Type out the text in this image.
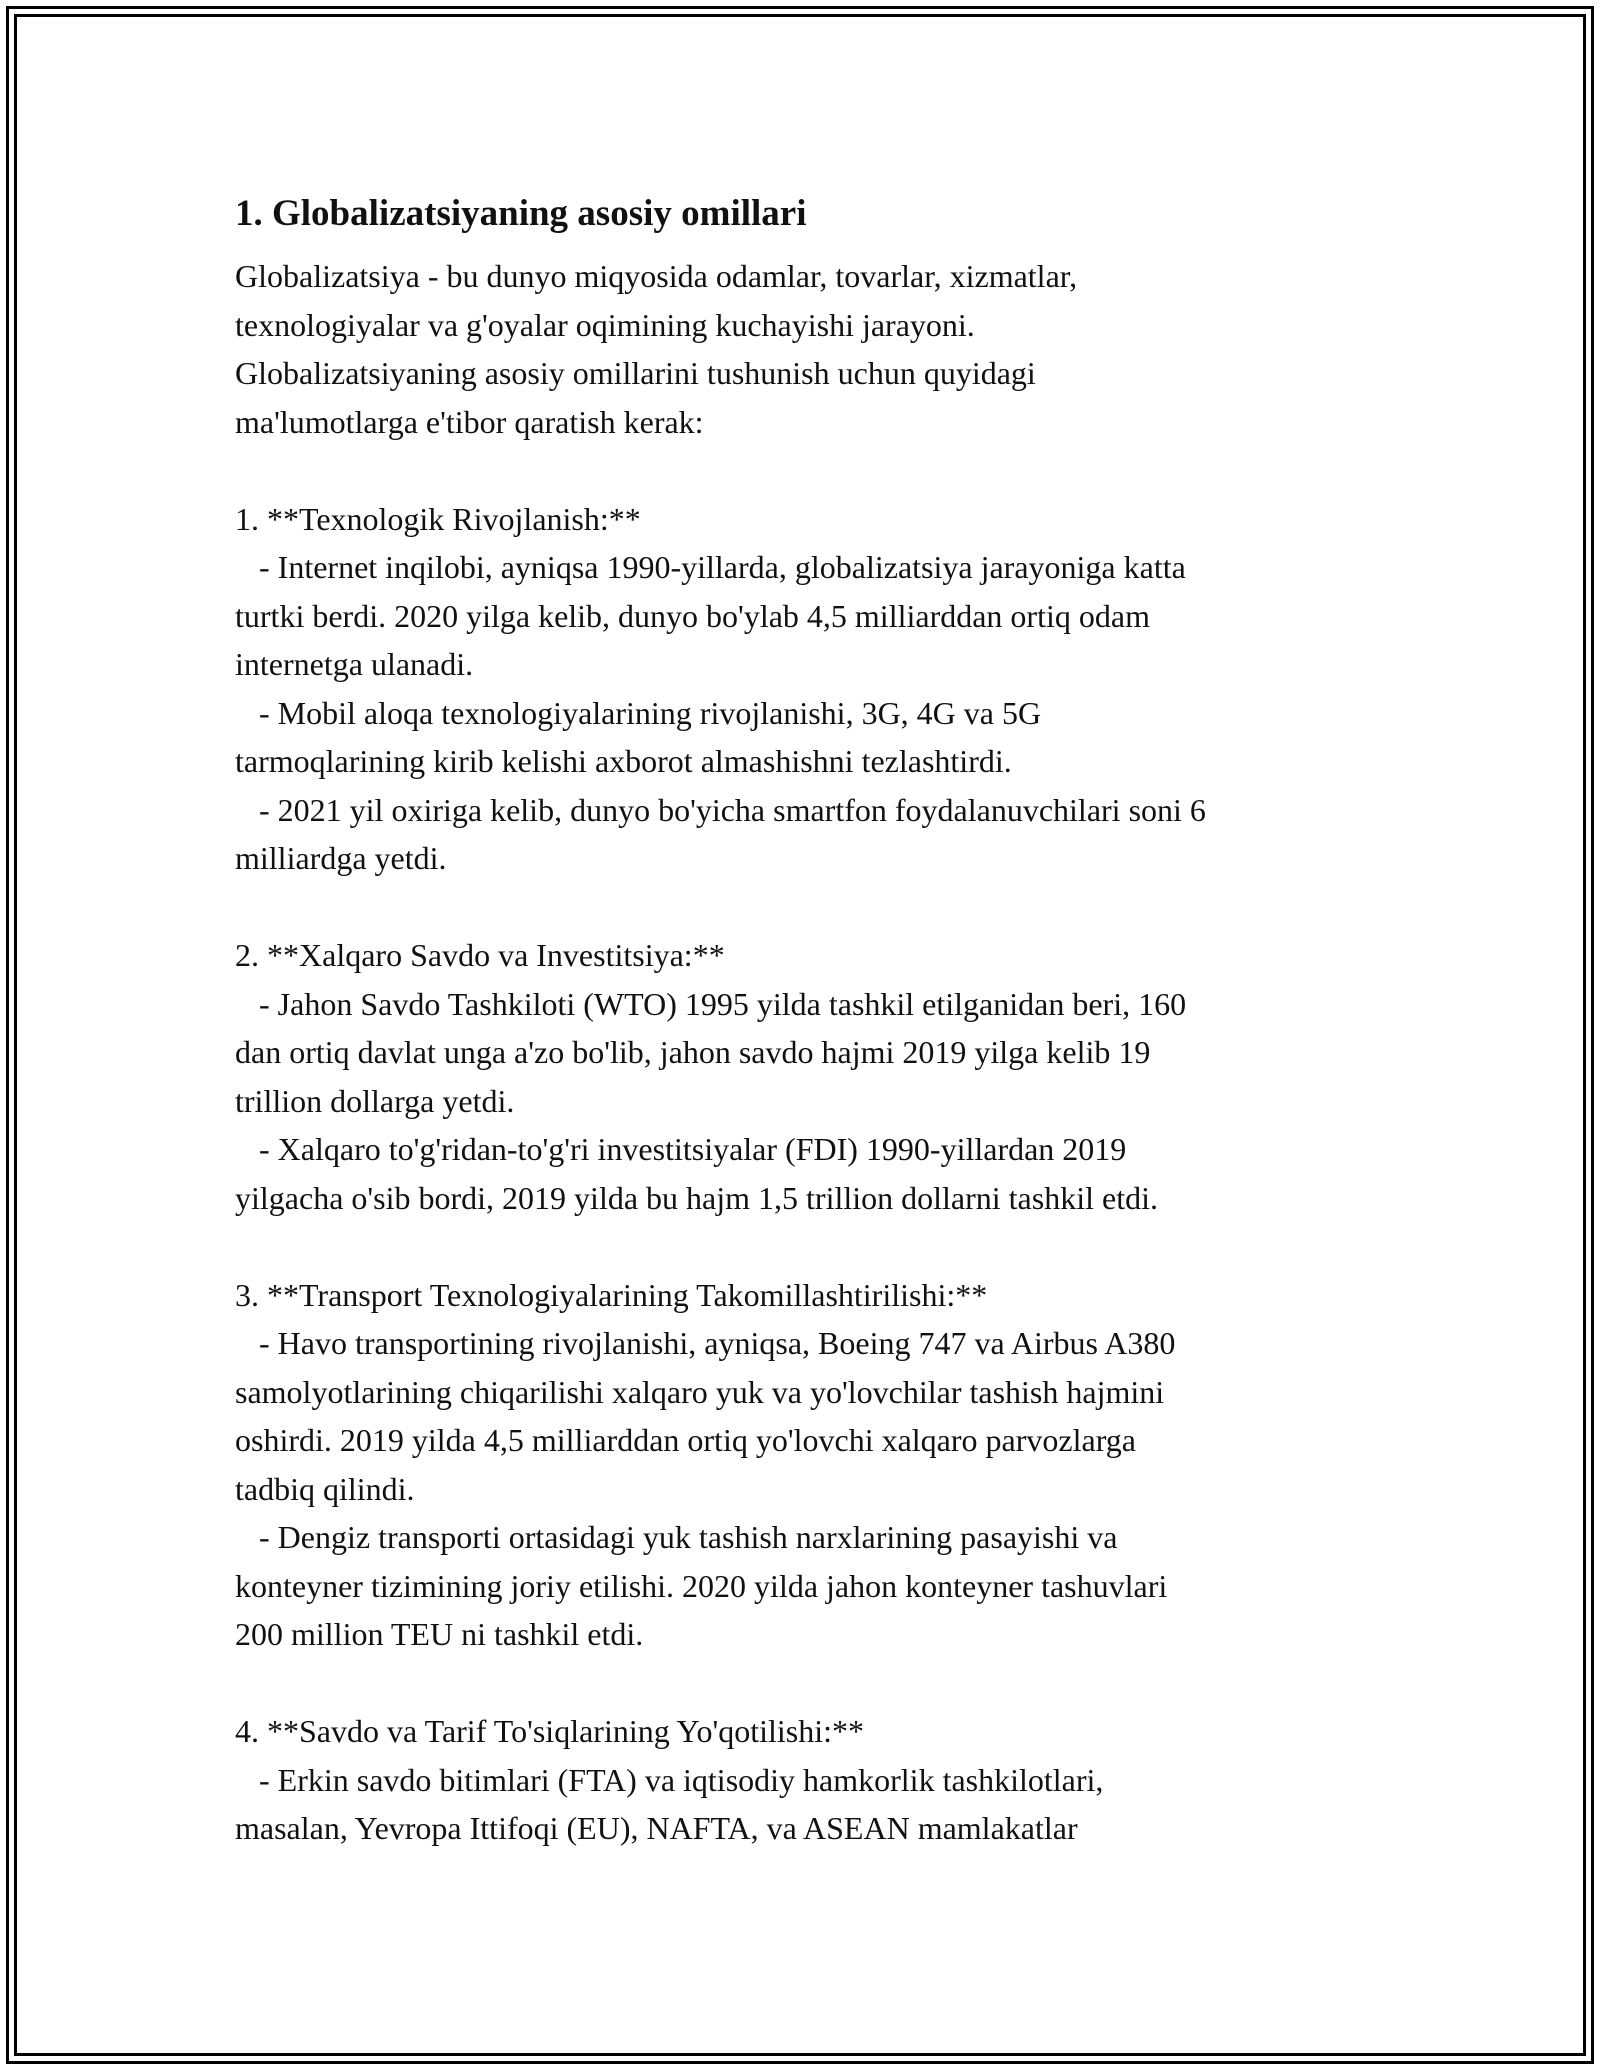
1. Globalizatsiyaning asosiy omillari

Globalizatsiya - bu dunyo miqyosida odamlar, tovarlar, xizmatlar,
texnologiyalar va g'oyalar oqimining kuchayishi jarayoni.
Globalizatsiyaning asosiy omillarini tushunish uchun quyidagi
ma'lumotlarga e'tibor qaratish kerak:

1. **Texnologik Rivojlanish:**
- Internet inqilobi, ayniqsa 1990-yillarda, globalizatsiya jarayoniga katta
turtki berdi. 2020 yilga kelib, dunyo bo'ylab 4,5 milliarddan ortiq odam
internetga ulanadi.
- Mobil aloqa texnologiyalarining rivojlanishi, 3G, 4G va 5G
tarmoqlarining kirib kelishi axborot almashishni tezlashtirdi.
- 2021 yil oxiriga kelib, dunyo bo'yicha smartfon foydalanuvchilari soni 6
milliardga yetdi.

2. **Xalqaro Savdo va Investitsiya:**
- Jahon Savdo Tashkiloti (WTO) 1995 yilda tashkil etilganidan beri, 160
dan ortiq davlat unga a'zo bo'lib, jahon savdo hajmi 2019 yilga kelib 19
trillion dollarga yetdi.
- Xalqaro to'g'ridan-to'g'ri investitsiyalar (FDI) 1990-yillardan 2019
yilgacha o'sib bordi, 2019 yilda bu hajm 1,5 trillion dollarni tashkil etdi.

3. **Transport Texnologiyalarining Takomillashtirilishi:**
- Havo transportining rivojlanishi, ayniqsa, Boeing 747 va Airbus A380
samolyotlarining chiqarilishi xalqaro yuk va yo'lovchilar tashish hajmini
oshirdi. 2019 yilda 4,5 milliarddan ortiq yo'lovchi xalqaro parvozlarga
tadbiq qilindi.
- Dengiz transporti ortasidagi yuk tashish narxlarining pasayishi va
konteyner tizimining joriy etilishi. 2020 yilda jahon konteyner tashuvlari
200 million TEU ni tashkil etdi.

4. **Savdo va Tarif To'siqlarining Yo'qotilishi:**
- Erkin savdo bitimlari (FTA) va iqtisodiy hamkorlik tashkilotlari,
masalan, Yevropa Ittifoqi (EU), NAFTA, va ASEAN mamlakatlar
